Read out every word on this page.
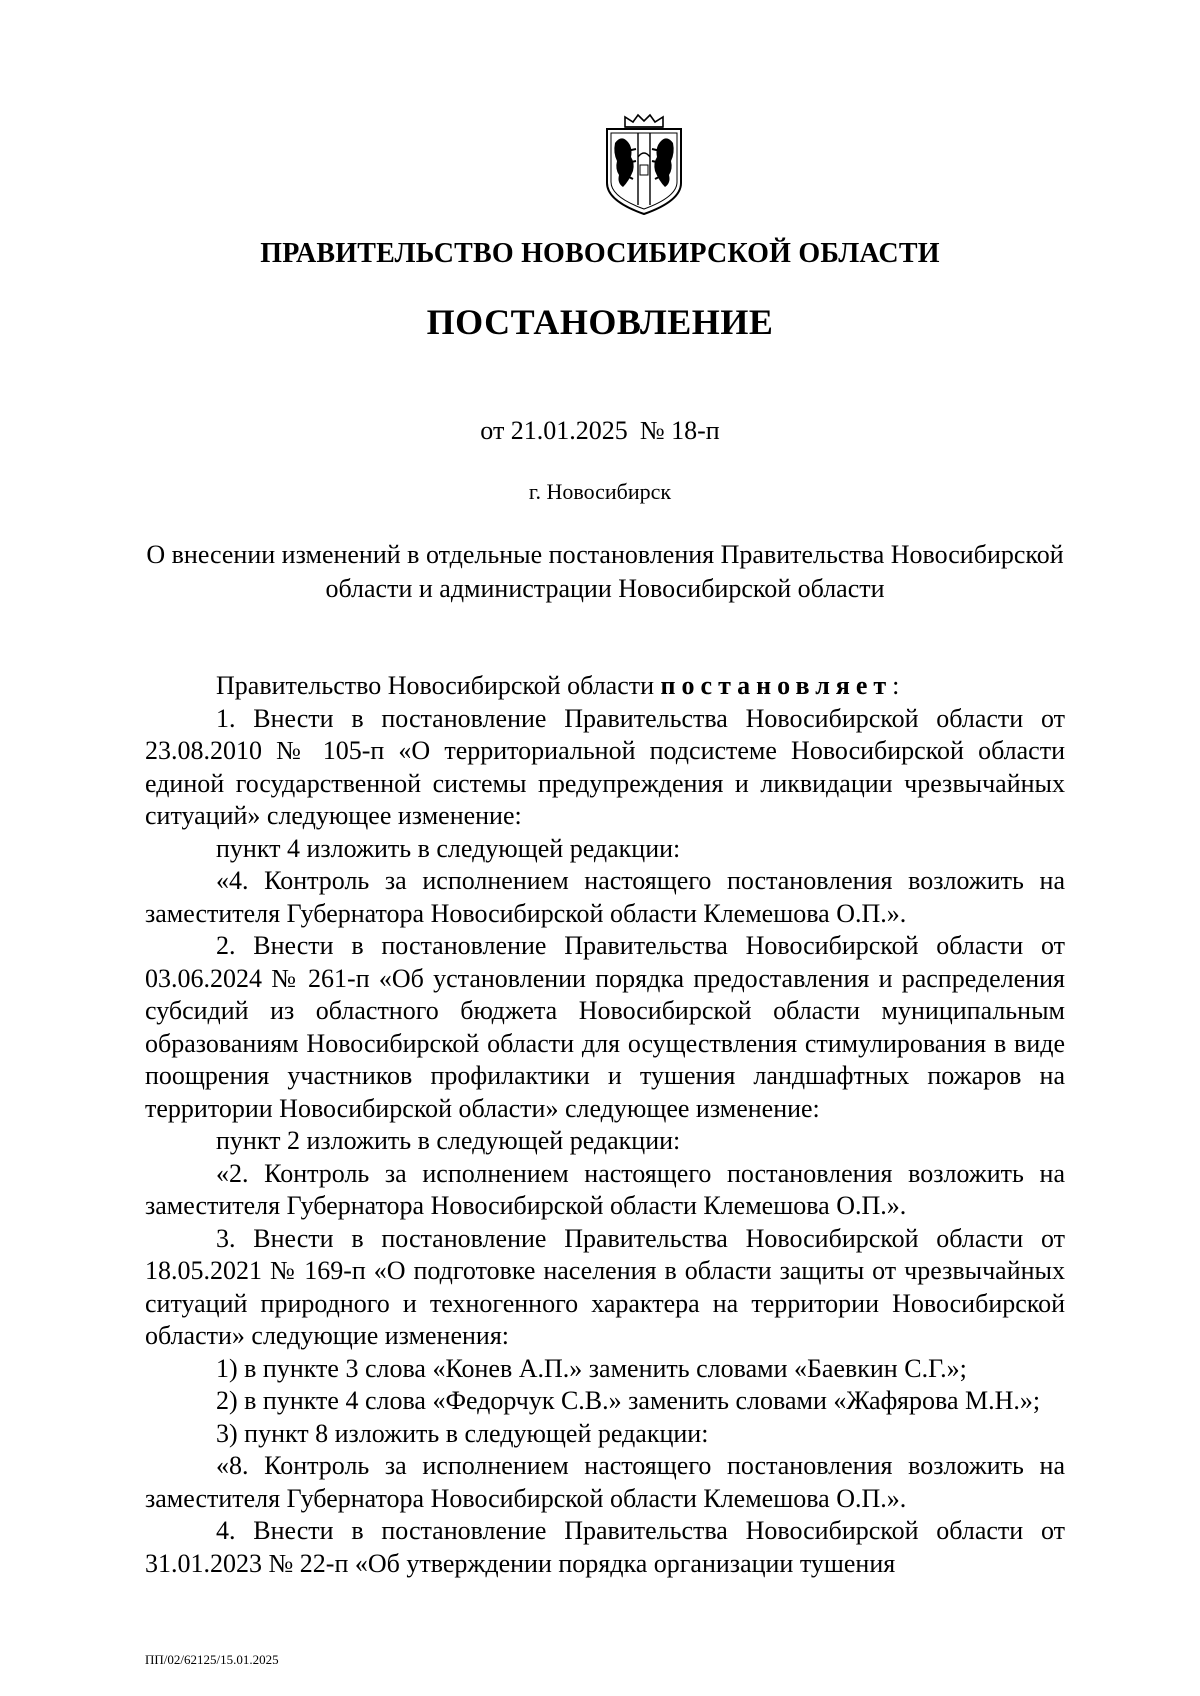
ПРАВИТЕЛЬСТВО НОВОСИБИРСКОЙ ОБЛАСТИ
ПОСТАНОВЛЕНИЕ
от 21.01.2025 № 18-п
г. Новосибирск
О внесении изменений в отдельные постановления Правительства Новосибирской области и администрации Новосибирской области

Правительство Новосибирской области постановляет:

1. Внести в постановление Правительства Новосибирской области от 23.08.2010 № 105-п «О территориальной подсистеме Новосибирской области единой государственной системы предупреждения и ликвидации чрезвычайных ситуаций» следующее изменение:

пункт 4 изложить в следующей редакции:

«4. Контроль за исполнением настоящего постановления возложить на заместителя Губернатора Новосибирской области Клемешова О.П.».

2. Внести в постановление Правительства Новосибирской области от 03.06.2024 № 261-п «Об установлении порядка предоставления и распределения субсидий из областного бюджета Новосибирской области муниципальным образованиям Новосибирской области для осуществления стимулирования в виде поощрения участников профилактики и тушения ландшафтных пожаров на территории Новосибирской области» следующее изменение:

пункт 2 изложить в следующей редакции:

«2. Контроль за исполнением настоящего постановления возложить на заместителя Губернатора Новосибирской области Клемешова О.П.».

3. Внести в постановление Правительства Новосибирской области от 18.05.2021 № 169-п «О подготовке населения в области защиты от чрезвычайных ситуаций природного и техногенного характера на территории Новосибирской области» следующие изменения:

1) в пункте 3 слова «Конев А.П.» заменить словами «Баевкин С.Г.»;

2) в пункте 4 слова «Федорчук С.В.» заменить словами «Жафярова М.Н.»;

3) пункт 8 изложить в следующей редакции:

«8. Контроль за исполнением настоящего постановления возложить на заместителя Губернатора Новосибирской области Клемешова О.П.».

4. Внести в постановление Правительства Новосибирской области от 31.01.2023 № 22-п «Об утверждении порядка организации тушения

ПП/02/62125/15.01.2025
